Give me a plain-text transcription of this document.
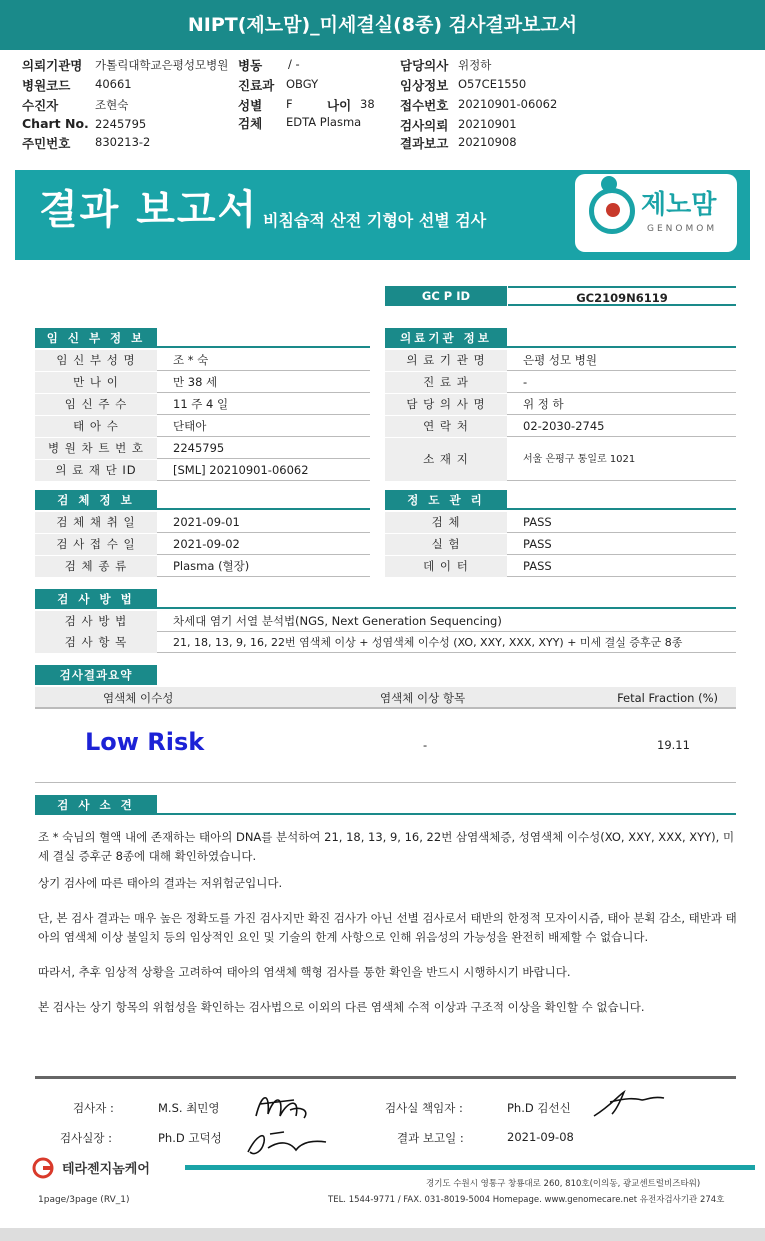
NIPT(제노맘)_미세결실(8종) 검사결과보고서
의뢰기관명 가톨릭대학교은평성모병원 병동 / -	담당의사 위정하
병원코드 40661	진료과 OBGY	임상정보 O57CE1550
수진자	조현숙	성별 F	나이 38 접수번호 20210901-06062
Chart No. 2245795	검체 EDTA Plasma	검사의뢰 20210901
주민번호 830213-2	결과보고 20210908
결과 보고서 비침습적 산전 기형아 선별 검사
제노맘
GENOMOM
GC P ID	GC2109N6119
임 신 부 정 보
임 신 부 성 명	조 * 숙
만 나 이	만 38 세
임 신 주 수	11 주 4 일
태 아 수	단태아
병 원 차 트 번 호	2245795
의 료 재 단 ID	[SML] 20210901-06062
의료기관 정보
의 료 기 관 명	은평 성모 병원
진 료 과	-
담 당 의 사 명	위 정 하
연 락 처	02-2030-2745
소 재 지	서울 은평구 통일로 1021
검 체 정 보
검 체 채 취 일	2021-09-01
검 사 접 수 일	2021-09-02
검 체 종 류	Plasma (혈장)
정 도 관 리
검 체	PASS
실 험	PASS
데 이 터	PASS
검 사 방 법
검 사 방 법	차세대 염기 서열 분석법(NGS, Next Generation Sequencing)
검 사 항 목	21, 18, 13, 9, 16, 22번 염색체 이상 + 성염색체 이수성 (XO, XXY, XXX, XYY) + 미세 결실 증후군 8종
검사결과요약
염색체 이수성	염색체 이상 항목	Fetal Fraction (%)
Low Risk	-	19.11
검 사 소 견
조 * 숙님의 혈액 내에 존재하는 태아의 DNA를 분석하여 21, 18, 13, 9, 16, 22번 삼염색체증, 성염색체 이수성(XO, XXY, XXX, XYY), 미세 결실 증후군 8종에 대해 확인하였습니다.
상기 검사에 따른 태아의 결과는 저위험군입니다.
단, 본 검사 결과는 매우 높은 정확도를 가진 검사지만 확진 검사가 아닌 선별 검사로서 태반의 한정적 모자이시즘, 태아 분획 감소, 태반과 태아의 염색체 이상 불일치 등의 임상적인 요인 및 기술의 한계 사항으로 인해 위음성의 가능성을 완전히 배제할 수 없습니다.
따라서, 추후 임상적 상황을 고려하여 태아의 염색체 핵형 검사를 통한 확인을 반드시 시행하시기 바랍니다.
본 검사는 상기 항목의 위험성을 확인하는 검사법으로 이외의 다른 염색체 수적 이상과 구조적 이상을 확인할 수 없습니다.
검사자 :	M.S. 최민영	검사실 책임자 :	Ph.D 김선신
검사실장 :	Ph.D 고덕성	결과 보고일 :	2021-09-08
테라젠지놈케어
경기도 수원시 영통구 창룡대로 260, 810호(이의동, 광교센트럴비즈타워)
TEL. 1544-9771 / FAX. 031-8019-5004 Homepage. www.genomecare.net 유전자검사기관 274호
1page/3page (RV_1)
